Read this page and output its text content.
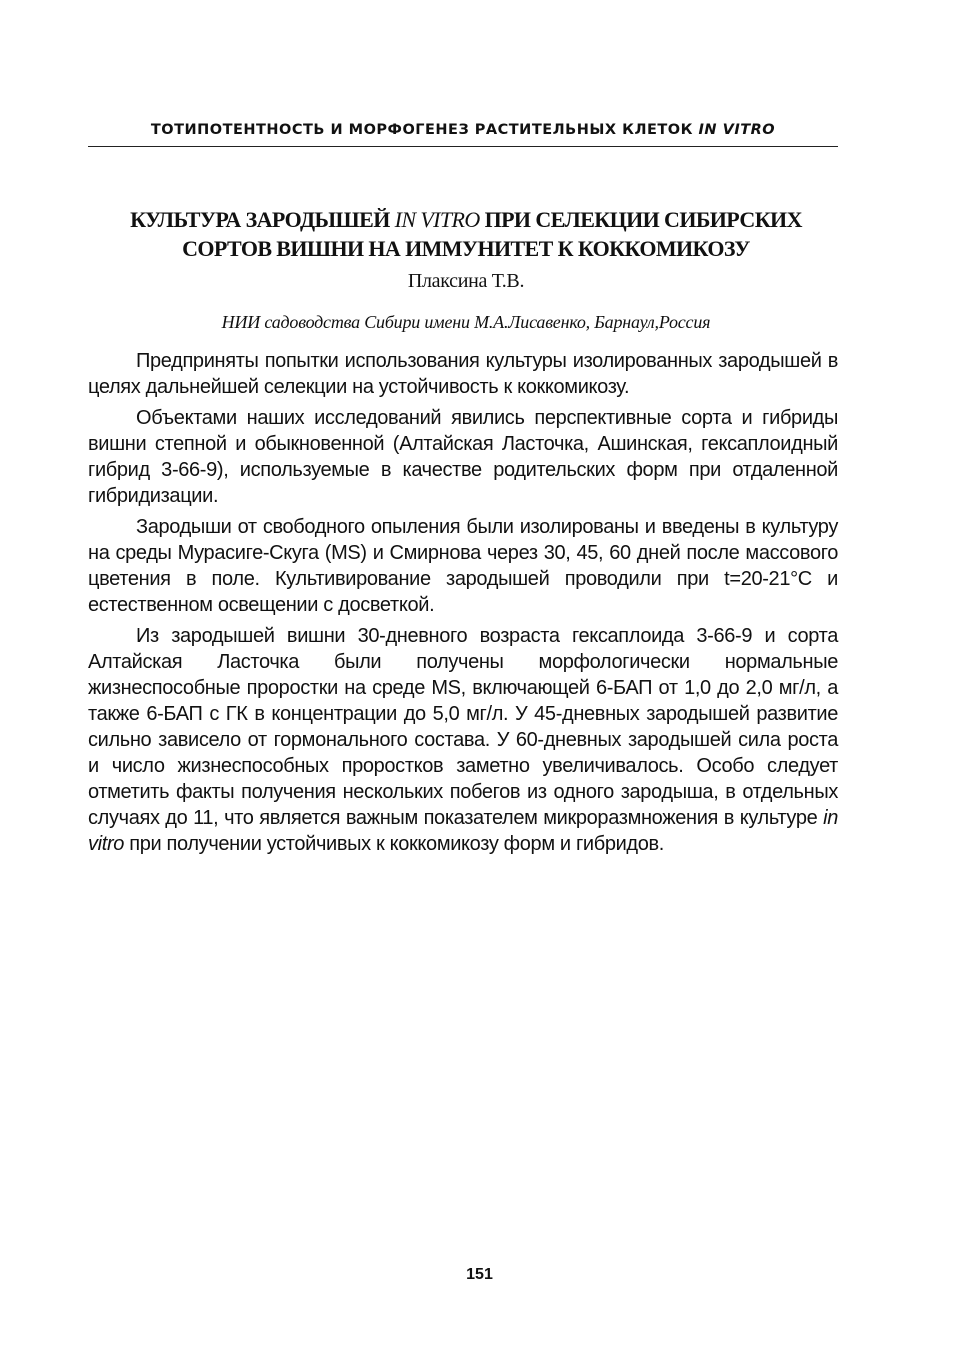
ТОТИПОТЕНТНОСТЬ И МОРФОГЕНЕЗ РАСТИТЕЛЬНЫХ КЛЕТОК IN VITRO
КУЛЬТУРА ЗАРОДЫШЕЙ IN VITRO ПРИ СЕЛЕКЦИИ СИБИРСКИХ
СОРТОВ ВИШНИ НА ИММУНИТЕТ К КОККОМИКОЗУ
Плаксина Т.В.
НИИ садоводства Сибири имени М.А.Лисавенко, Барнаул,Россия

Предприняты попытки использования культуры изолированных зародышей в целях дальнейшей селекции на устойчивость к коккомикозу.

Объектами наших исследований явились перспективные сорта и гибриды вишни степной и обыкновенной (Алтайская Ласточка, Ашинская, гексаплоидный гибрид 3-66-9), используемые в качестве родительских форм при отдаленной гибридизации.

Зародыши от свободного опыления были изолированы и введены в культуру на среды Мурасиге-Скуга (MS) и Смирнова через 30, 45, 60 дней после массового цветения в поле. Культивирование зародышей проводили при t=20-21°С и естественном освещении с досветкой.

Из зародышей вишни 30-дневного возраста гексаплоида 3-66-9 и сорта Алтайская Ласточка были получены морфологически нормальные жизнеспособные проростки на среде MS, включающей 6-БАП от 1,0 до 2,0 мг/л, а также 6-БАП с ГК в концентрации до 5,0 мг/л. У 45-дневных зародышей развитие сильно зависело от гормонального состава. У 60-дневных зародышей сила роста и число жизнеспособных проростков заметно увеличивалось. Особо следует отметить факты получения нескольких побегов из одного зародыша, в отдельных случаях до 11, что является важным показателем микроразмножения в культуре in vitro при получении устойчивых к коккомикозу форм и гибридов.

151
